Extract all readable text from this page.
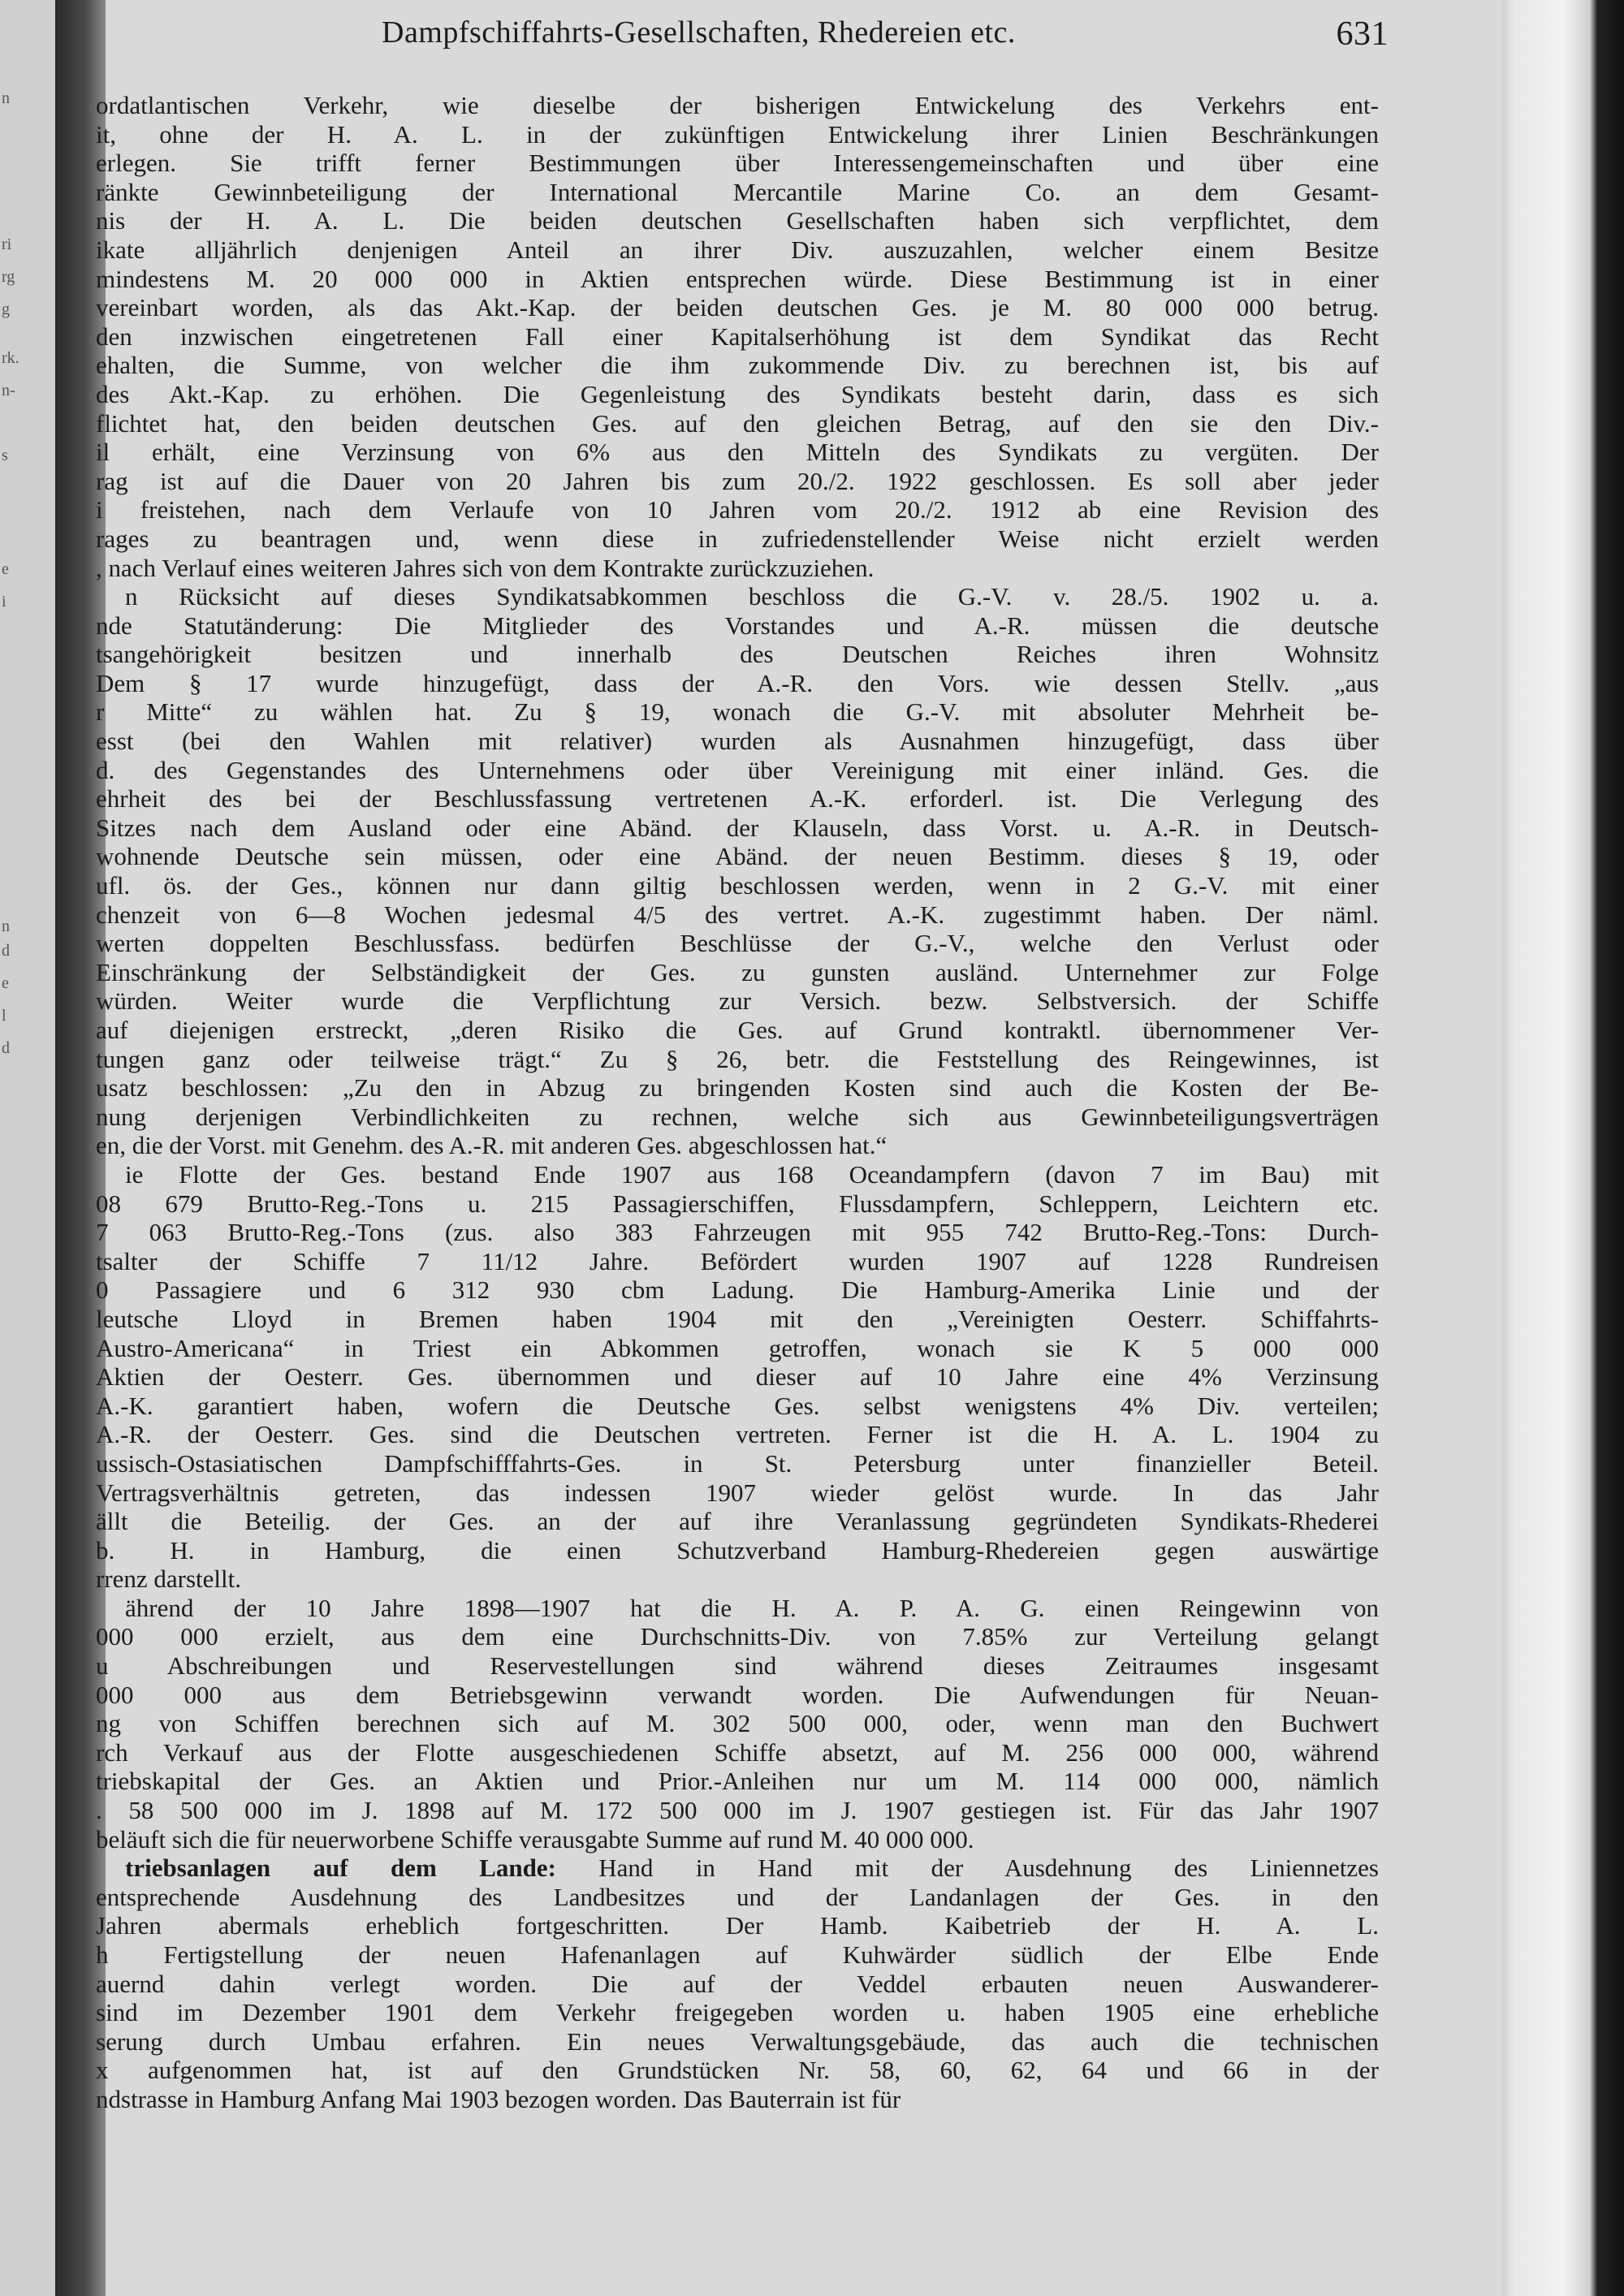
n
ri
rg
g
rk.
n-
s
e
i
n
d
e
l
d
Dampfschiffahrts-Gesellschaften, Rhedereien etc.	631
ordatlantischen Verkehr, wie dieselbe der bisherigen Entwickelung des Verkehrs ent-
it, ohne der H. A. L. in der zukünftigen Entwickelung ihrer Linien Beschränkungen
erlegen. Sie trifft ferner Bestimmungen über Interessengemeinschaften und über eine
ränkte Gewinnbeteiligung der International Mercantile Marine Co. an dem Gesamt-
nis der H. A. L. Die beiden deutschen Gesellschaften haben sich verpflichtet, dem
ikate alljährlich denjenigen Anteil an ihrer Div. auszuzahlen, welcher einem Besitze
mindestens M. 20 000 000 in Aktien entsprechen würde. Diese Bestimmung ist in einer
vereinbart worden, als das Akt.-Kap. der beiden deutschen Ges. je M. 80 000 000 betrug.
den inzwischen eingetretenen Fall einer Kapitalserhöhung ist dem Syndikat das Recht
ehalten, die Summe, von welcher die ihm zukommende Div. zu berechnen ist, bis auf
des Akt.-Kap. zu erhöhen. Die Gegenleistung des Syndikats besteht darin, dass es sich
flichtet hat, den beiden deutschen Ges. auf den gleichen Betrag, auf den sie den Div.-
il erhält, eine Verzinsung von 6% aus den Mitteln des Syndikats zu vergüten. Der
rag ist auf die Dauer von 20 Jahren bis zum 20./2. 1922 geschlossen. Es soll aber jeder
i freistehen, nach dem Verlaufe von 10 Jahren vom 20./2. 1912 ab eine Revision des
rages zu beantragen und, wenn diese in zufriedenstellender Weise nicht erzielt werden
, nach Verlauf eines weiteren Jahres sich von dem Kontrakte zurückzuziehen.
n Rücksicht auf dieses Syndikatsabkommen beschloss die G.-V. v. 28./5. 1902 u. a.
nde Statutänderung: Die Mitglieder des Vorstandes und A.-R. müssen die deutsche
tsangehörigkeit besitzen und innerhalb des Deutschen Reiches ihren Wohnsitz
Dem § 17 wurde hinzugefügt, dass der A.-R. den Vors. wie dessen Stellv. „aus
r Mitte“ zu wählen hat. Zu § 19, wonach die G.-V. mit absoluter Mehrheit be-
esst (bei den Wahlen mit relativer) wurden als Ausnahmen hinzugefügt, dass über
d. des Gegenstandes des Unternehmens oder über Vereinigung mit einer inländ. Ges. die
ehrheit des bei der Beschlussfassung vertretenen A.-K. erforderl. ist. Die Verlegung des
Sitzes nach dem Ausland oder eine Abänd. der Klauseln, dass Vorst. u. A.-R. in Deutsch-
wohnende Deutsche sein müssen, oder eine Abänd. der neuen Bestimm. dieses § 19, oder
ufl. ös. der Ges., können nur dann giltig beschlossen werden, wenn in 2 G.-V. mit einer
chenzeit von 6—8 Wochen jedesmal 4/5 des vertret. A.-K. zugestimmt haben. Der näml.
werten doppelten Beschlussfass. bedürfen Beschlüsse der G.-V., welche den Verlust oder
Einschränkung der Selbständigkeit der Ges. zu gunsten ausländ. Unternehmer zur Folge
würden. Weiter wurde die Verpflichtung zur Versich. bezw. Selbstversich. der Schiffe
auf diejenigen erstreckt, „deren Risiko die Ges. auf Grund kontraktl. übernommener Ver-
tungen ganz oder teilweise trägt.“ Zu § 26, betr. die Feststellung des Reingewinnes, ist
usatz beschlossen: „Zu den in Abzug zu bringenden Kosten sind auch die Kosten der Be-
nung derjenigen Verbindlichkeiten zu rechnen, welche sich aus Gewinnbeteiligungsverträgen
en, die der Vorst. mit Genehm. des A.-R. mit anderen Ges. abgeschlossen hat.“
ie Flotte der Ges. bestand Ende 1907 aus 168 Oceandampfern (davon 7 im Bau) mit
08 679 Brutto-Reg.-Tons u. 215 Passagierschiffen, Flussdampfern, Schleppern, Leichtern etc.
7 063 Brutto-Reg.-Tons (zus. also 383 Fahrzeugen mit 955 742 Brutto-Reg.-Tons: Durch-
tsalter der Schiffe 7 11/12 Jahre. Befördert wurden 1907 auf 1228 Rundreisen
0 Passagiere und 6 312 930 cbm Ladung. Die Hamburg-Amerika Linie und der
leutsche Lloyd in Bremen haben 1904 mit den „Vereinigten Oesterr. Schiffahrts-
Austro-Americana“ in Triest ein Abkommen getroffen, wonach sie K 5 000 000
Aktien der Oesterr. Ges. übernommen und dieser auf 10 Jahre eine 4% Verzinsung
A.-K. garantiert haben, wofern die Deutsche Ges. selbst wenigstens 4% Div. verteilen;
A.-R. der Oesterr. Ges. sind die Deutschen vertreten. Ferner ist die H. A. L. 1904 zu
ussisch-Ostasiatischen Dampfschifffahrts-Ges. in St. Petersburg unter finanzieller Beteil.
Vertragsverhältnis getreten, das indessen 1907 wieder gelöst wurde. In das Jahr
ällt die Beteilig. der Ges. an der auf ihre Veranlassung gegründeten Syndikats-Rhederei
b. H. in Hamburg, die einen Schutzverband Hamburg-Rhedereien gegen auswärtige
rrenz darstellt.
ährend der 10 Jahre 1898—1907 hat die H. A. P. A. G. einen Reingewinn von
000 000 erzielt, aus dem eine Durchschnitts-Div. von 7.85% zur Verteilung gelangt
u Abschreibungen und Reservestellungen sind während dieses Zeitraumes insgesamt
000 000 aus dem Betriebsgewinn verwandt worden. Die Aufwendungen für Neuan-
ng von Schiffen berechnen sich auf M. 302 500 000, oder, wenn man den Buchwert
rch Verkauf aus der Flotte ausgeschiedenen Schiffe absetzt, auf M. 256 000 000, während
triebskapital der Ges. an Aktien und Prior.-Anleihen nur um M. 114 000 000, nämlich
. 58 500 000 im J. 1898 auf M. 172 500 000 im J. 1907 gestiegen ist. Für das Jahr 1907
beläuft sich die für neuerworbene Schiffe verausgabte Summe auf rund M. 40 000 000.
triebsanlagen auf dem Lande: Hand in Hand mit der Ausdehnung des Liniennetzes
entsprechende Ausdehnung des Landbesitzes und der Landanlagen der Ges. in den
Jahren abermals erheblich fortgeschritten. Der Hamb. Kaibetrieb der H. A. L.
h Fertigstellung der neuen Hafenanlagen auf Kuhwärder südlich der Elbe Ende
auernd dahin verlegt worden. Die auf der Veddel erbauten neuen Auswanderer-
sind im Dezember 1901 dem Verkehr freigegeben worden u. haben 1905 eine erhebliche
serung durch Umbau erfahren. Ein neues Verwaltungsgebäude, das auch die technischen
x aufgenommen hat, ist auf den Grundstücken Nr. 58, 60, 62, 64 und 66 in der
ndstrasse in Hamburg Anfang Mai 1903 bezogen worden. Das Bauterrain ist für
